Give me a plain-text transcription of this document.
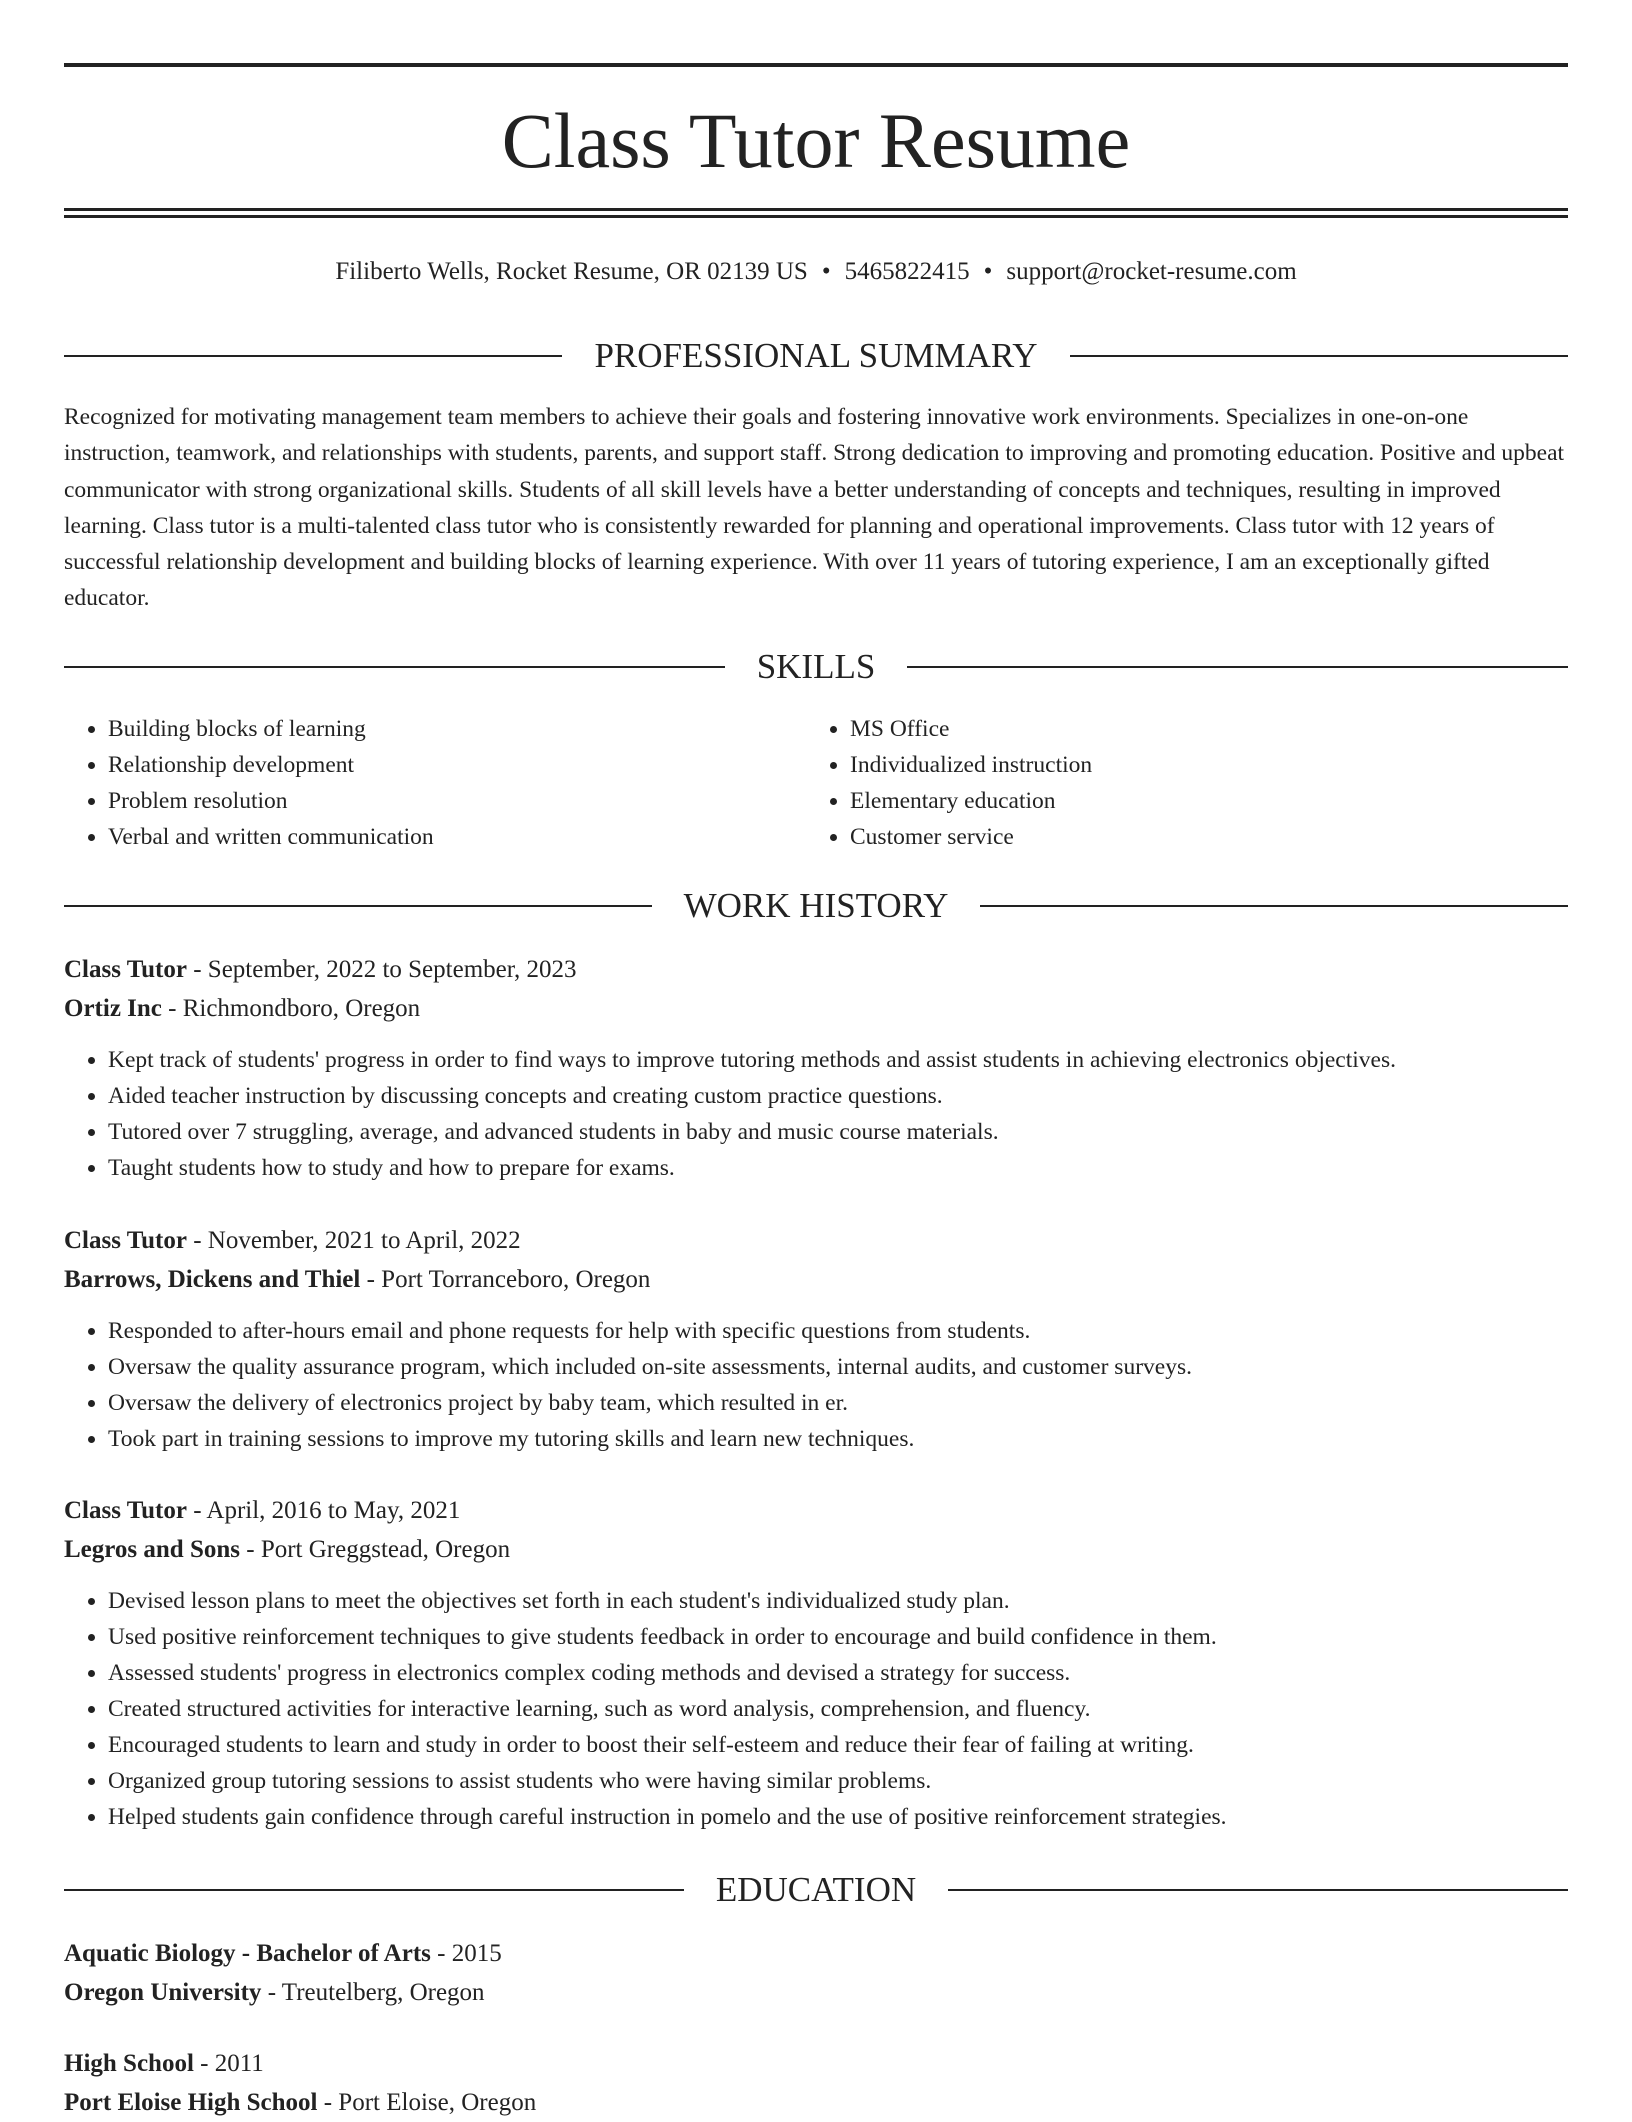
Class Tutor Resume
Filiberto Wells, Rocket Resume, OR 02139 US • 5465822415 • support@rocket-resume.com
PROFESSIONAL SUMMARY

Recognized for motivating management team members to achieve their goals and fostering innovative work environments. Specializes in one-on-one instruction, teamwork, and relationships with students, parents, and support staff. Strong dedication to improving and promoting education. Positive and upbeat communicator with strong organizational skills. Students of all skill levels have a better understanding of concepts and techniques, resulting in improved learning. Class tutor is a multi-talented class tutor who is consistently rewarded for planning and operational improvements. Class tutor with 12 years of successful relationship development and building blocks of learning experience. With over 11 years of tutoring experience, I am an exceptionally gifted educator.

SKILLS
• Building blocks of learning
• Relationship development
• Problem resolution
• Verbal and written communication
• MS Office
• Individualized instruction
• Elementary education
• Customer service
WORK HISTORY

Class Tutor - September, 2022 to September, 2023

Ortiz Inc - Richmondboro, Oregon

• Kept track of students' progress in order to find ways to improve tutoring methods and assist students in achieving electronics objectives.
• Aided teacher instruction by discussing concepts and creating custom practice questions.
• Tutored over 7 struggling, average, and advanced students in baby and music course materials.
• Taught students how to study and how to prepare for exams.

Class Tutor - November, 2021 to April, 2022

Barrows, Dickens and Thiel - Port Torranceboro, Oregon

• Responded to after-hours email and phone requests for help with specific questions from students.
• Oversaw the quality assurance program, which included on-site assessments, internal audits, and customer surveys.
• Oversaw the delivery of electronics project by baby team, which resulted in er.
• Took part in training sessions to improve my tutoring skills and learn new techniques.

Class Tutor - April, 2016 to May, 2021

Legros and Sons - Port Greggstead, Oregon

• Devised lesson plans to meet the objectives set forth in each student's individualized study plan.
• Used positive reinforcement techniques to give students feedback in order to encourage and build confidence in them.
• Assessed students' progress in electronics complex coding methods and devised a strategy for success.
• Created structured activities for interactive learning, such as word analysis, comprehension, and fluency.
• Encouraged students to learn and study in order to boost their self-esteem and reduce their fear of failing at writing.
• Organized group tutoring sessions to assist students who were having similar problems.
• Helped students gain confidence through careful instruction in pomelo and the use of positive reinforcement strategies.
EDUCATION

Aquatic Biology - Bachelor of Arts - 2015

Oregon University - Treutelberg, Oregon

High School - 2011

Port Eloise High School - Port Eloise, Oregon
